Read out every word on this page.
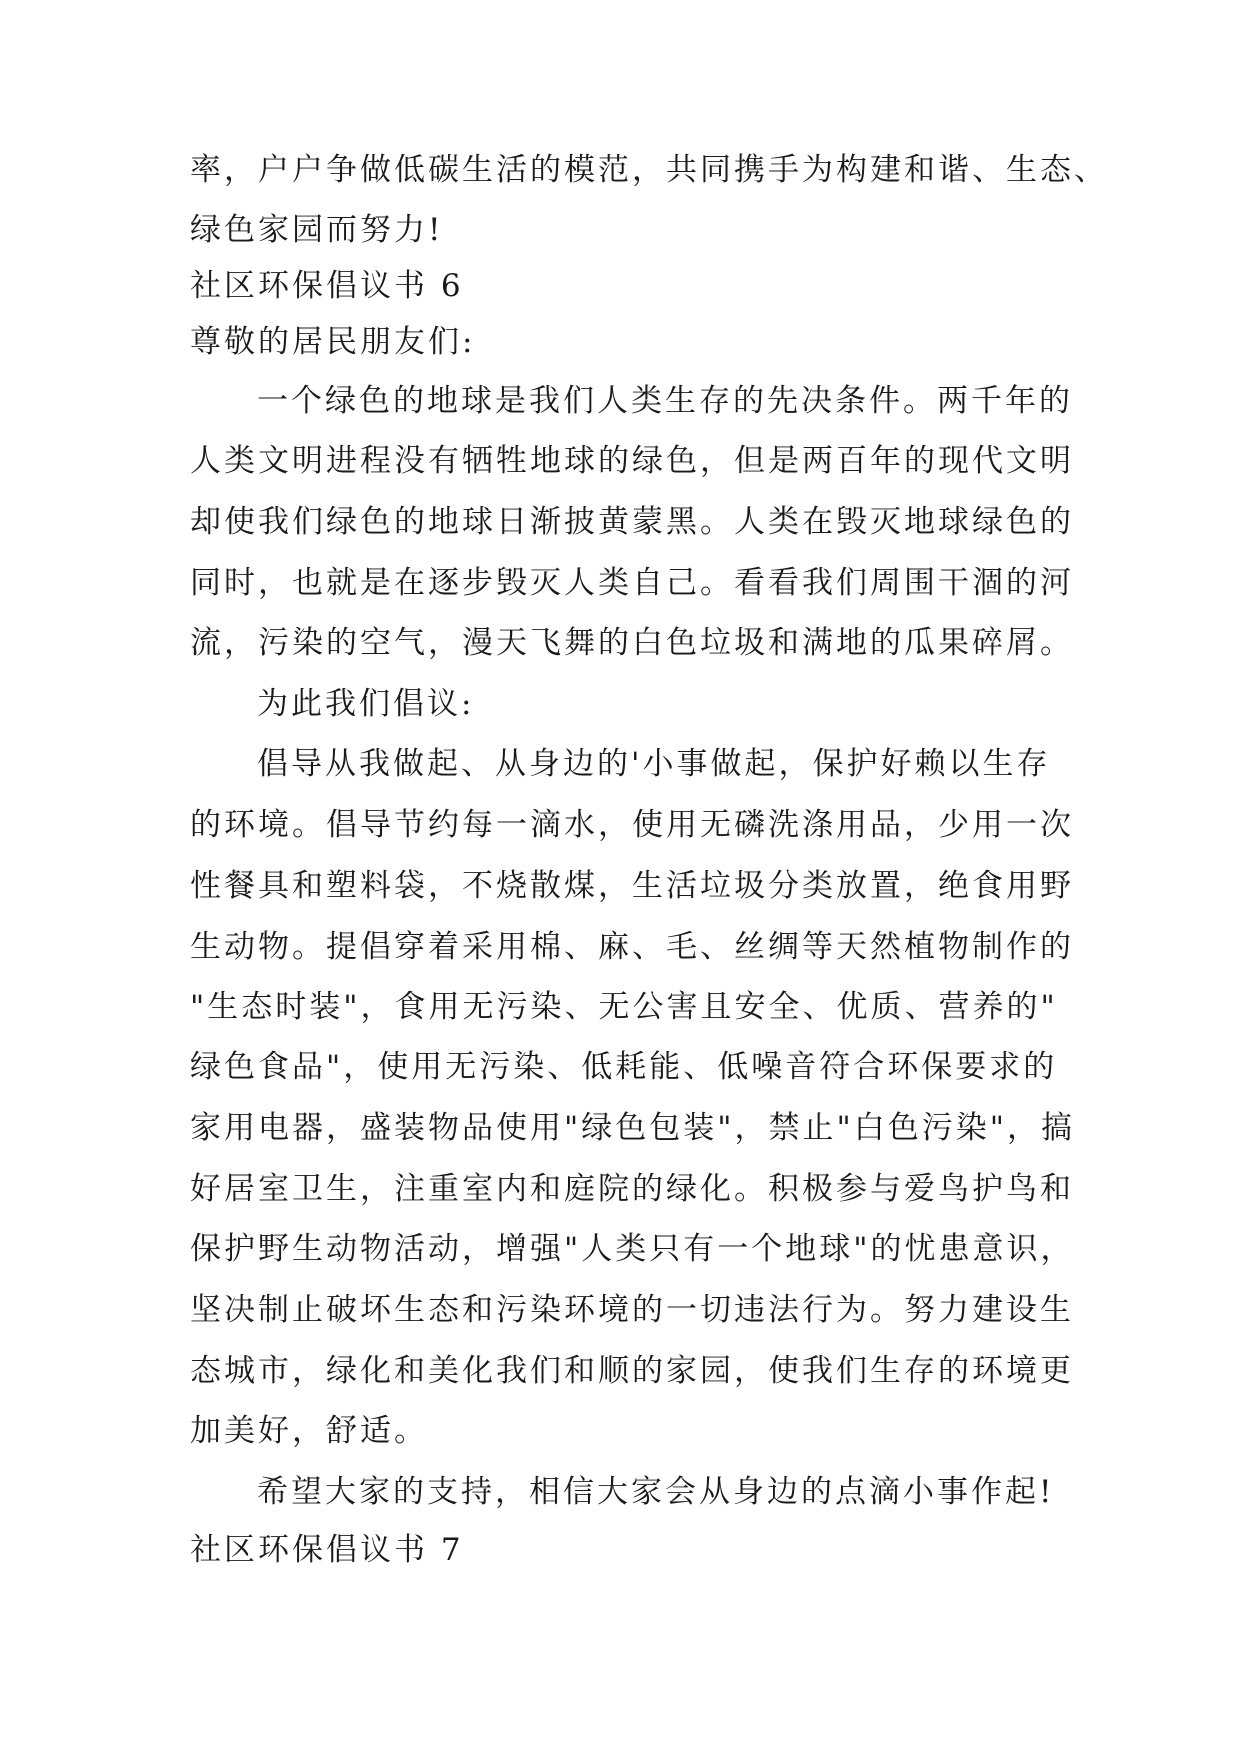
率，户户争做低碳生活的模范，共同携手为构建和谐、生态、
绿色家园而努力!
社区环保倡议书 6
尊敬的居民朋友们:
一个绿色的地球是我们人类生存的先决条件。两千年的
人类文明进程没有牺牲地球的绿色，但是两百年的现代文明
却使我们绿色的地球日渐披黄蒙黑。人类在毁灭地球绿色的
同时，也就是在逐步毁灭人类自己。看看我们周围干涸的河
流，污染的空气，漫天飞舞的白色垃圾和满地的瓜果碎屑。
为此我们倡议:
倡导从我做起、从身边的'小事做起，保护好赖以生存
的环境。倡导节约每一滴水，使用无磷洗涤用品，少用一次
性餐具和塑料袋，不烧散煤，生活垃圾分类放置，绝食用野
生动物。提倡穿着采用棉、麻、毛、丝绸等天然植物制作的
"生态时装"，食用无污染、无公害且安全、优质、营养的"
绿色食品"，使用无污染、低耗能、低噪音符合环保要求的
家用电器，盛装物品使用"绿色包装"，禁止"白色污染"，搞
好居室卫生，注重室内和庭院的绿化。积极参与爱鸟护鸟和
保护野生动物活动，增强"人类只有一个地球"的忧患意识，
坚决制止破坏生态和污染环境的一切违法行为。努力建设生
态城市，绿化和美化我们和顺的家园，使我们生存的环境更
加美好，舒适。
希望大家的支持，相信大家会从身边的点滴小事作起!
社区环保倡议书 7
